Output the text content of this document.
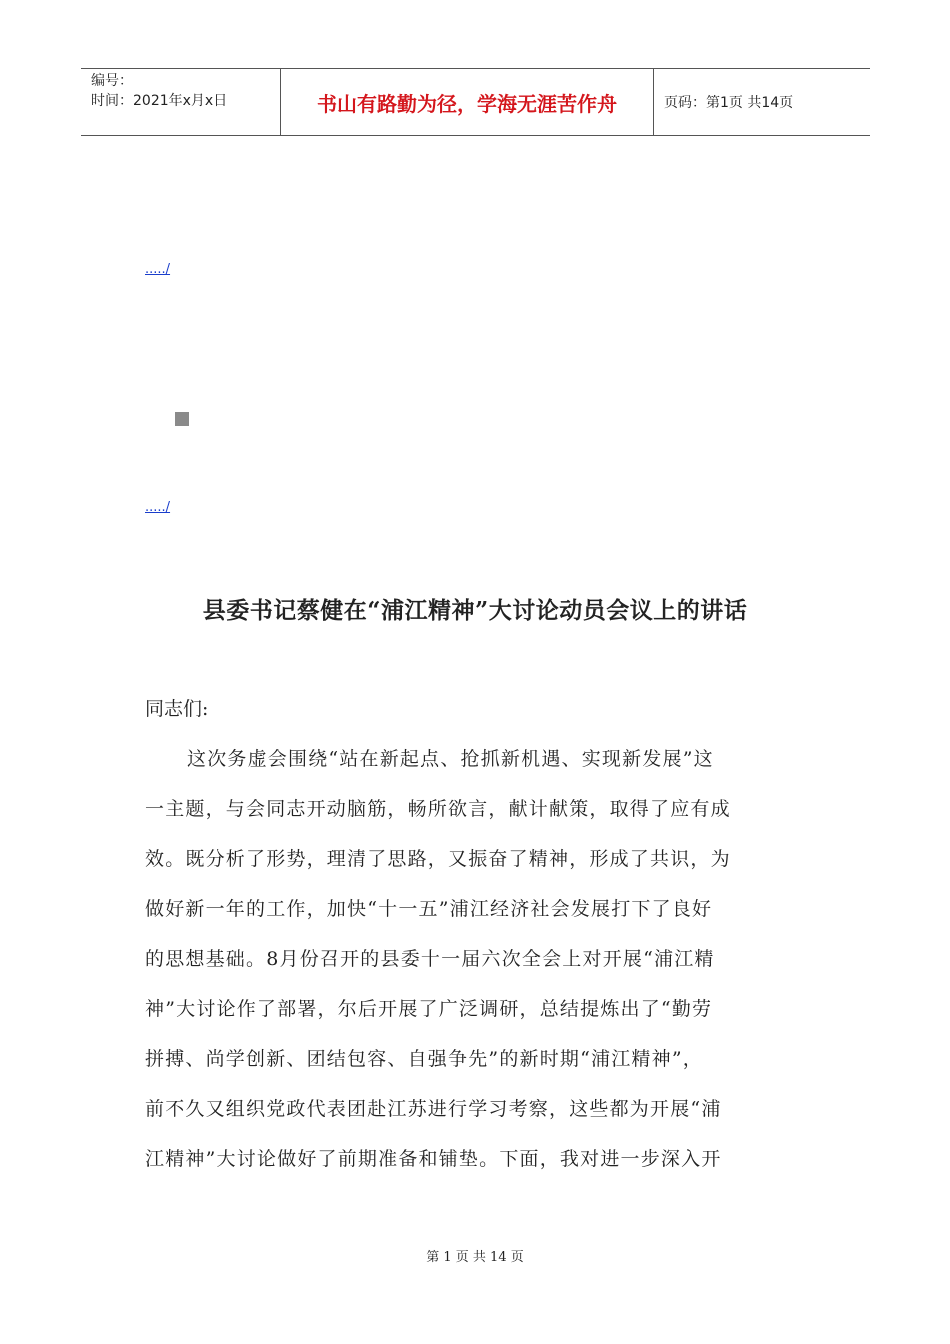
编号：
时间：2021年x月x日	书山有路勤为径，学海无涯苦作舟	页码：第1页 共14页
...../
...../
县委书记蔡健在“浦江精神”大讨论动员会议上的讲话
同志们:
这次务虚会围绕“站在新起点、抢抓新机遇、实现新发展”这
一主题，与会同志开动脑筋，畅所欲言，献计献策，取得了应有成
效。既分析了形势，理清了思路，又振奋了精神，形成了共识，为
做好新一年的工作，加快“十一五”浦江经济社会发展打下了良好
的思想基础。8月份召开的县委十一届六次全会上对开展“浦江精
神”大讨论作了部署，尔后开展了广泛调研，总结提炼出了“勤劳
拼搏、尚学创新、团结包容、自强争先”的新时期“浦江精神”，
前不久又组织党政代表团赴江苏进行学习考察，这些都为开展“浦
江精神”大讨论做好了前期准备和铺垫。下面，我对进一步深入开
第 1 页 共 14 页
